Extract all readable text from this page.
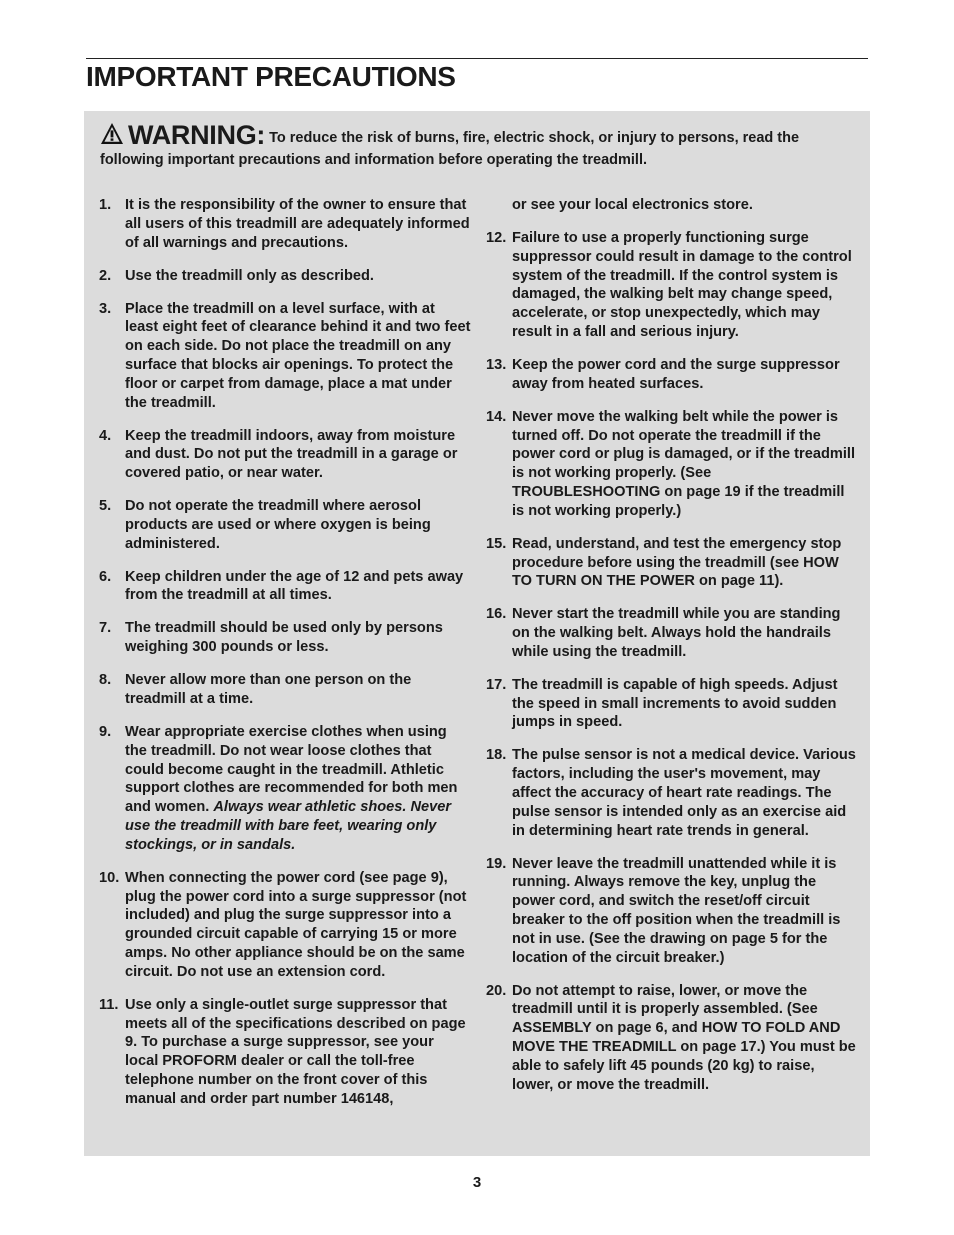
IMPORTANT PRECAUTIONS
WARNING: To reduce the risk of burns, fire, electric shock, or injury to persons, read the following important precautions and information before operating the treadmill.
1. It is the responsibility of the owner to ensure that all users of this treadmill are adequately informed of all warnings and precautions.
2. Use the treadmill only as described.
3. Place the treadmill on a level surface, with at least eight feet of clearance behind it and two feet on each side. Do not place the treadmill on any surface that blocks air openings. To protect the floor or carpet from damage, place a mat under the treadmill.
4. Keep the treadmill indoors, away from moisture and dust. Do not put the treadmill in a garage or covered patio, or near water.
5. Do not operate the treadmill where aerosol products are used or where oxygen is being administered.
6. Keep children under the age of 12 and pets away from the treadmill at all times.
7. The treadmill should be used only by persons weighing 300 pounds or less.
8. Never allow more than one person on the treadmill at a time.
9. Wear appropriate exercise clothes when using the treadmill. Do not wear loose clothes that could become caught in the treadmill. Athletic support clothes are recommended for both men and women. Always wear athletic shoes. Never use the treadmill with bare feet, wearing only stockings, or in sandals.
10. When connecting the power cord (see page 9), plug the power cord into a surge suppressor (not included) and plug the surge suppressor into a grounded circuit capable of carrying 15 or more amps. No other appliance should be on the same circuit. Do not use an extension cord.
11. Use only a single-outlet surge suppressor that meets all of the specifications described on page 9. To purchase a surge suppressor, see your local PROFORM dealer or call the toll-free telephone number on the front cover of this manual and order part number 146148,
or see your local electronics store.
12. Failure to use a properly functioning surge suppressor could result in damage to the control system of the treadmill. If the control system is damaged, the walking belt may change speed, accelerate, or stop unexpectedly, which may result in a fall and serious injury.
13. Keep the power cord and the surge suppressor away from heated surfaces.
14. Never move the walking belt while the power is turned off. Do not operate the treadmill if the power cord or plug is damaged, or if the treadmill is not working properly. (See TROUBLESHOOTING on page 19 if the treadmill is not working properly.)
15. Read, understand, and test the emergency stop procedure before using the treadmill (see HOW TO TURN ON THE POWER on page 11).
16. Never start the treadmill while you are standing on the walking belt. Always hold the handrails while using the treadmill.
17. The treadmill is capable of high speeds. Adjust the speed in small increments to avoid sudden jumps in speed.
18. The pulse sensor is not a medical device. Various factors, including the user's movement, may affect the accuracy of heart rate readings. The pulse sensor is intended only as an exercise aid in determining heart rate trends in general.
19. Never leave the treadmill unattended while it is running. Always remove the key, unplug the power cord, and switch the reset/off circuit breaker to the off position when the treadmill is not in use. (See the drawing on page 5 for the location of the circuit breaker.)
20. Do not attempt to raise, lower, or move the treadmill until it is properly assembled. (See ASSEMBLY on page 6, and HOW TO FOLD AND MOVE THE TREADMILL on page 17.) You must be able to safely lift 45 pounds (20 kg) to raise, lower, or move the treadmill.
3
